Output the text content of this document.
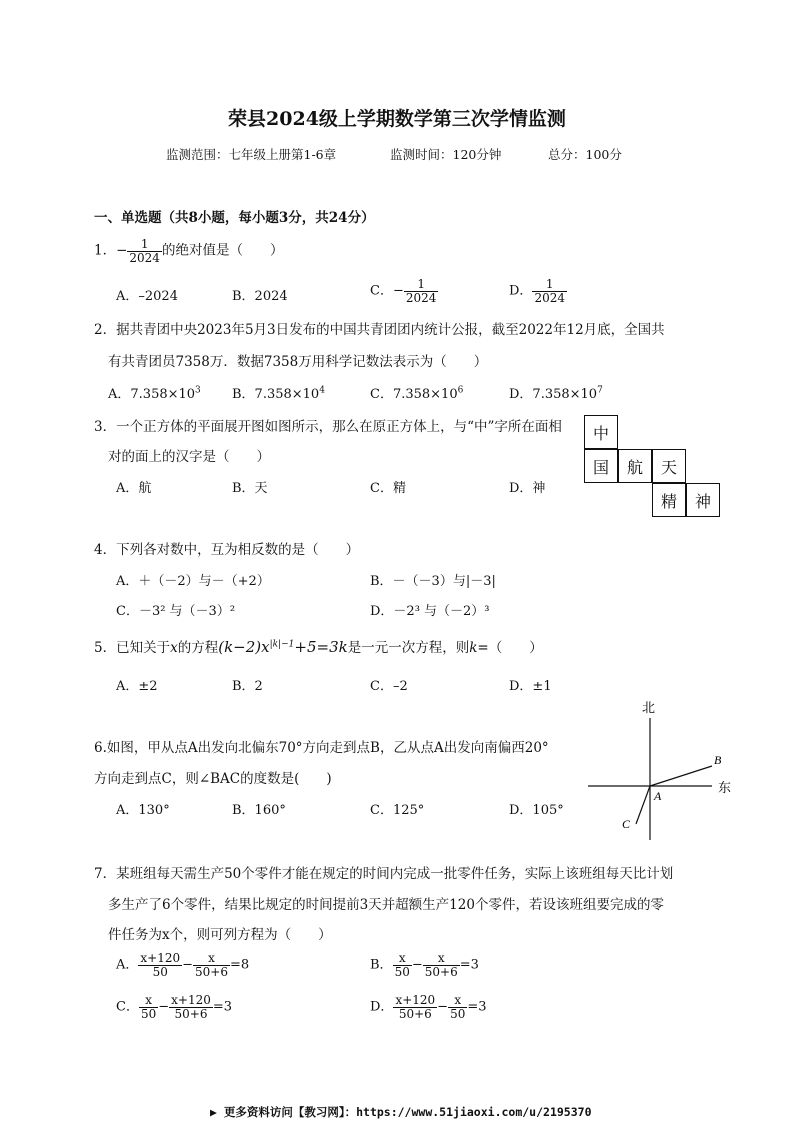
荣县2024级上学期数学第三次学情监测
监测范围：七年级上册第1-6章	监测时间：120分钟	总分：100分
一、单选题（共8小题，每小题3分，共24分）
1．− $\frac{1}{2024}$ 的绝对值是（　　）
A．–2024	B．2024	C．− $\frac{1}{2024}$	D． $\frac{1}{2024}$
2．据共青团中央2023年5月3日发布的中国共青团团内统计公报，截至2022年12月底，全国共
有共青团员7358万．数据7358万用科学记数法表示为（　　）
A．$7.358\times 10^3$ B．$7.358\times 10^4$	C．$7.358\times 10^6$	D．$7.358\times 10^7$
3．一个正方体的平面展开图如图所示，那么在原正方体上，与“中”字所在面相
对的面上的汉字是（　　）
A．航	B．天	C．精	D．神
中
国	航	天
精	神
4．下列各对数中，互为相反数的是（　　）
A．＋（－2）与－（+2）	B．－（－3）与|－3|
C．－3² 与（－3）²	D．－2³ 与（－2）³
5．已知关于x的方程$(k-2)x^{|k|-1}+5=3k$是一元一次方程，则k=（　　）
A．±2	B．2	C．–2	D．±1
6.如图，甲从点A出发向北偏东70°方向走到点B，乙从点A出发向南偏西20°
方向走到点C，则∠BAC的度数是(　　)
A．130°	B．160°	C．125°	D．105°
北
东
A
B
C
7．某班组每天需生产50个零件才能在规定的时间内完成一批零件任务，实际上该班组每天比计划
多生产了6个零件，结果比规定的时间提前3天并超额生产120个零件，若设该班组要完成的零
件任务为x个，则可列方程为（　　）
A． $\frac{x+120}{50} - \frac{x}{50+6} =8$	B． $\frac{x}{50} - \frac{x}{50+6} =3$
C． $\frac{x}{50} - \frac{x+120}{50+6} =3$	D． $\frac{x+120}{50+6} - \frac{x}{50} =3$
▶ 更多资料访问【教习网】：https://www.51jiaoxi.com/u/2195370
